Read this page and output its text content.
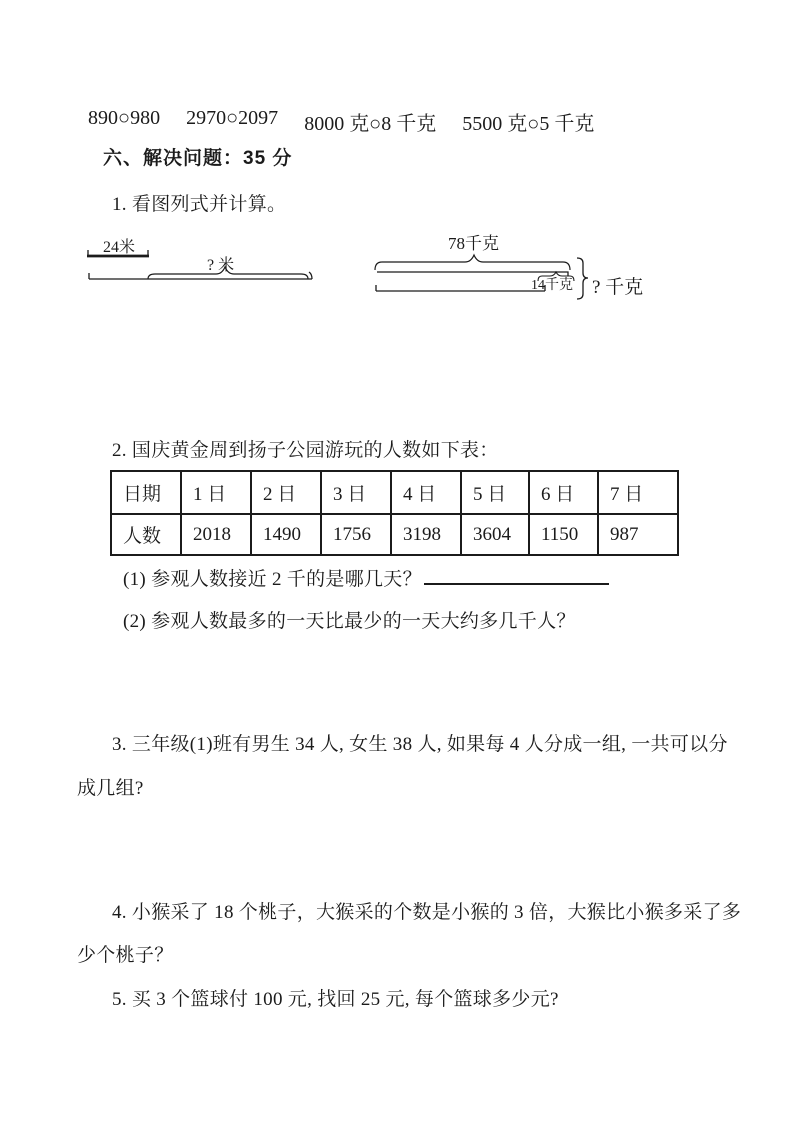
890○980 2970○2097 8000 克○8 千克 5500 克○5 千克
六、解决问题：35 分
1. 看图列式并计算。
24米
? 米
78千克
14千克 ? 千克
2. 国庆黄金周到扬子公园游玩的人数如下表：
日期	1 日	2 日	3 日	4 日	5 日	6 日	7 日
人数	2018	1490	1756	3198	3604	1150	987
(1) 参观人数接近 2 千的是哪几天？
(2) 参观人数最多的一天比最少的一天大约多几千人？
3. 三年级(1)班有男生 34 人, 女生 38 人, 如果每 4 人分成一组, 一共可以分
成几组?
4. 小猴采了 18 个桃子，大猴采的个数是小猴的 3 倍，大猴比小猴多采了多
少个桃子？
5. 买 3 个篮球付 100 元, 找回 25 元, 每个篮球多少元?
